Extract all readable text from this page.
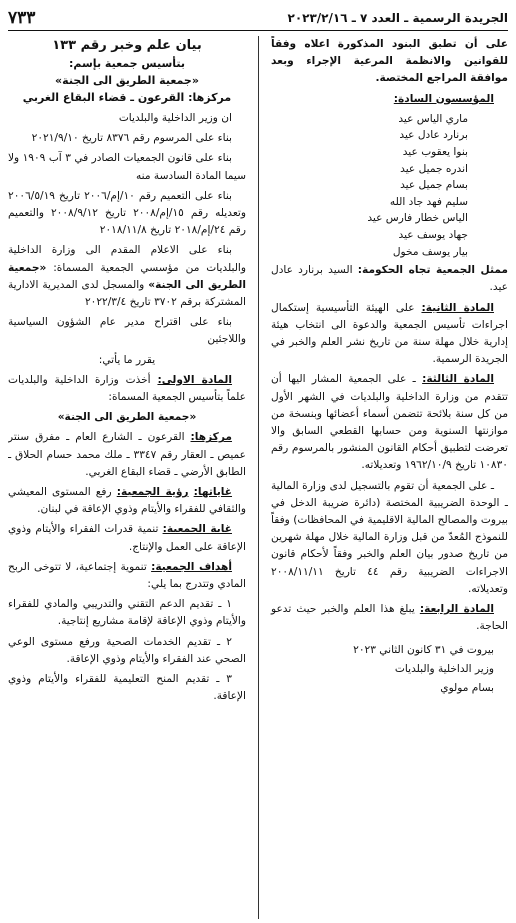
الجريدة الرسمية ـ العدد ٧ ـ ٢٠٢٣/٢/١٦
٧٣٣

على أن تطبق البنود المذكورة اعلاه وفقاً للقوانين والانظمة المرعية الإجراء وبعد موافقة المراجع المختصة.

المؤسسون السادة:

ماري الياس عيد
برنارد عادل عيد
بنوا يعقوب عيد
اندره جميل عيد
بسام جميل عيد
سليم فهد جاد الله
الياس خطار فارس عيد
جهاد يوسف عيد
بيار يوسف مخول

ممثل الجمعية تجاه الحكومة: السيد برنارد عادل عيد.

المادة الثانية: على الهيئة التأسيسية إستكمال اجراءات تأسيس الجمعية والدعوة الى انتخاب هيئة إدارية خلال مهلة سنة من تاريخ نشر العلم والخبر في الجريدة الرسمية.

المادة الثالثة: ـ على الجمعية المشار اليها أن تتقدم من وزارة الداخلية والبلديات في الشهر الأول من كل سنة بلائحة تتضمن أسماء أعضائها وبنسخة من موازنتها السنوية ومن حسابها القطعي السابق والا تعرضت لتطبيق أحكام القانون المنشور بالمرسوم رقم ١٠٨٣٠ تاريخ ١٩٦٢/١٠/٩ وتعديلاته.

ـ على الجمعية أن تقوم بالتسجيل لدى وزارة المالية ـ الوحدة الضريبية المختصة (دائرة ضريبة الدخل في بيروت والمصالح المالية الاقليمية في المحافظات) وفقاً للنموذج المُعدّ من قبل وزارة المالية خلال مهلة شهرين من تاريخ صدور بيان العلم والخبر وفقاً لأحكام قانون الاجراءات الضريبية رقم ٤٤ تاريخ ٢٠٠٨/١١/١١ وتعديلاته.

المادة الرابعة: يبلغ هذا العلم والخبر حيث تدعو الحاجة.

بيروت في ٣١ كانون الثاني ٢٠٢٣

وزير الداخلية والبلديات

بسام مولوي

بيان علم وخبر رقم ١٣٣
بتأسيس جمعية بإسم:
«جمعية الطريق الى الجنة»
مركزها: القرعون ـ قضاء البقاع الغربي

ان وزير الداخلية والبلديات

بناء على المرسوم رقم ٨٣٧٦ تاريخ ٢٠٢١/٩/١٠

بناء على قانون الجمعيات الصادر في ٣ آب ١٩٠٩ ولا سيما المادة السادسة منه

بناء على التعميم رقم ١٠/إم/٢٠٠٦ تاريخ ٢٠٠٦/٥/١٩ وتعديله رقم ١٥/إم/٢٠٠٨ تاريخ ٢٠٠٨/٩/١٢ والتعميم رقم ٢٤/إم/٢٠١٨ تاريخ ٢٠١٨/١١/٨

بناء على الاعلام المقدم الى وزارة الداخلية والبلديات من مؤسسي الجمعية المسماة: «جمعية الطريق الى الجنة» والمسجل لدى المديرية الادارية المشتركة برقم ٣٧٠٢ تاريخ ٢٠٢٢/٣/٤

بناء على اقتراح مدير عام الشؤون السياسية واللاجئين

يقرر ما يأتي:

المادة الاولى: أخذت وزارة الداخلية والبلديات علماً بتأسيس الجمعية المسماة:

«جمعية الطريق الى الجنة»

مركزها: القرعون ـ الشارع العام ـ مفرق سنتر عميص ـ العقار رقم ٣٣٤٧ ـ ملك محمد حسام الحلاق ـ الطابق الأرضي ـ قضاء البقاع الغربي.

غاياتها: رؤية الجمعية: رفع المستوى المعيشي والثقافي للفقراء والأيتام وذوي الإعاقة في لبنان.

غاية الجمعية: تنمية قدرات الفقراء والأيتام وذوي الإعاقة على العمل والإنتاج.

أهداف الجمعية: تنموية إجتماعية، لا تتوخى الربح المادي وتتدرج بما يلي:

١ ـ تقديم الدعم التقني والتدريبي والمادي للفقراء والأيتام وذوي الإعاقة لإقامة مشاريع إنتاجية.

٢ ـ تقديم الخدمات الصحية ورفع مستوى الوعي الصحي عند الفقراء والأيتام وذوي الإعاقة.

٣ ـ تقديم المنح التعليمية للفقراء والأيتام وذوي الإعاقة.
